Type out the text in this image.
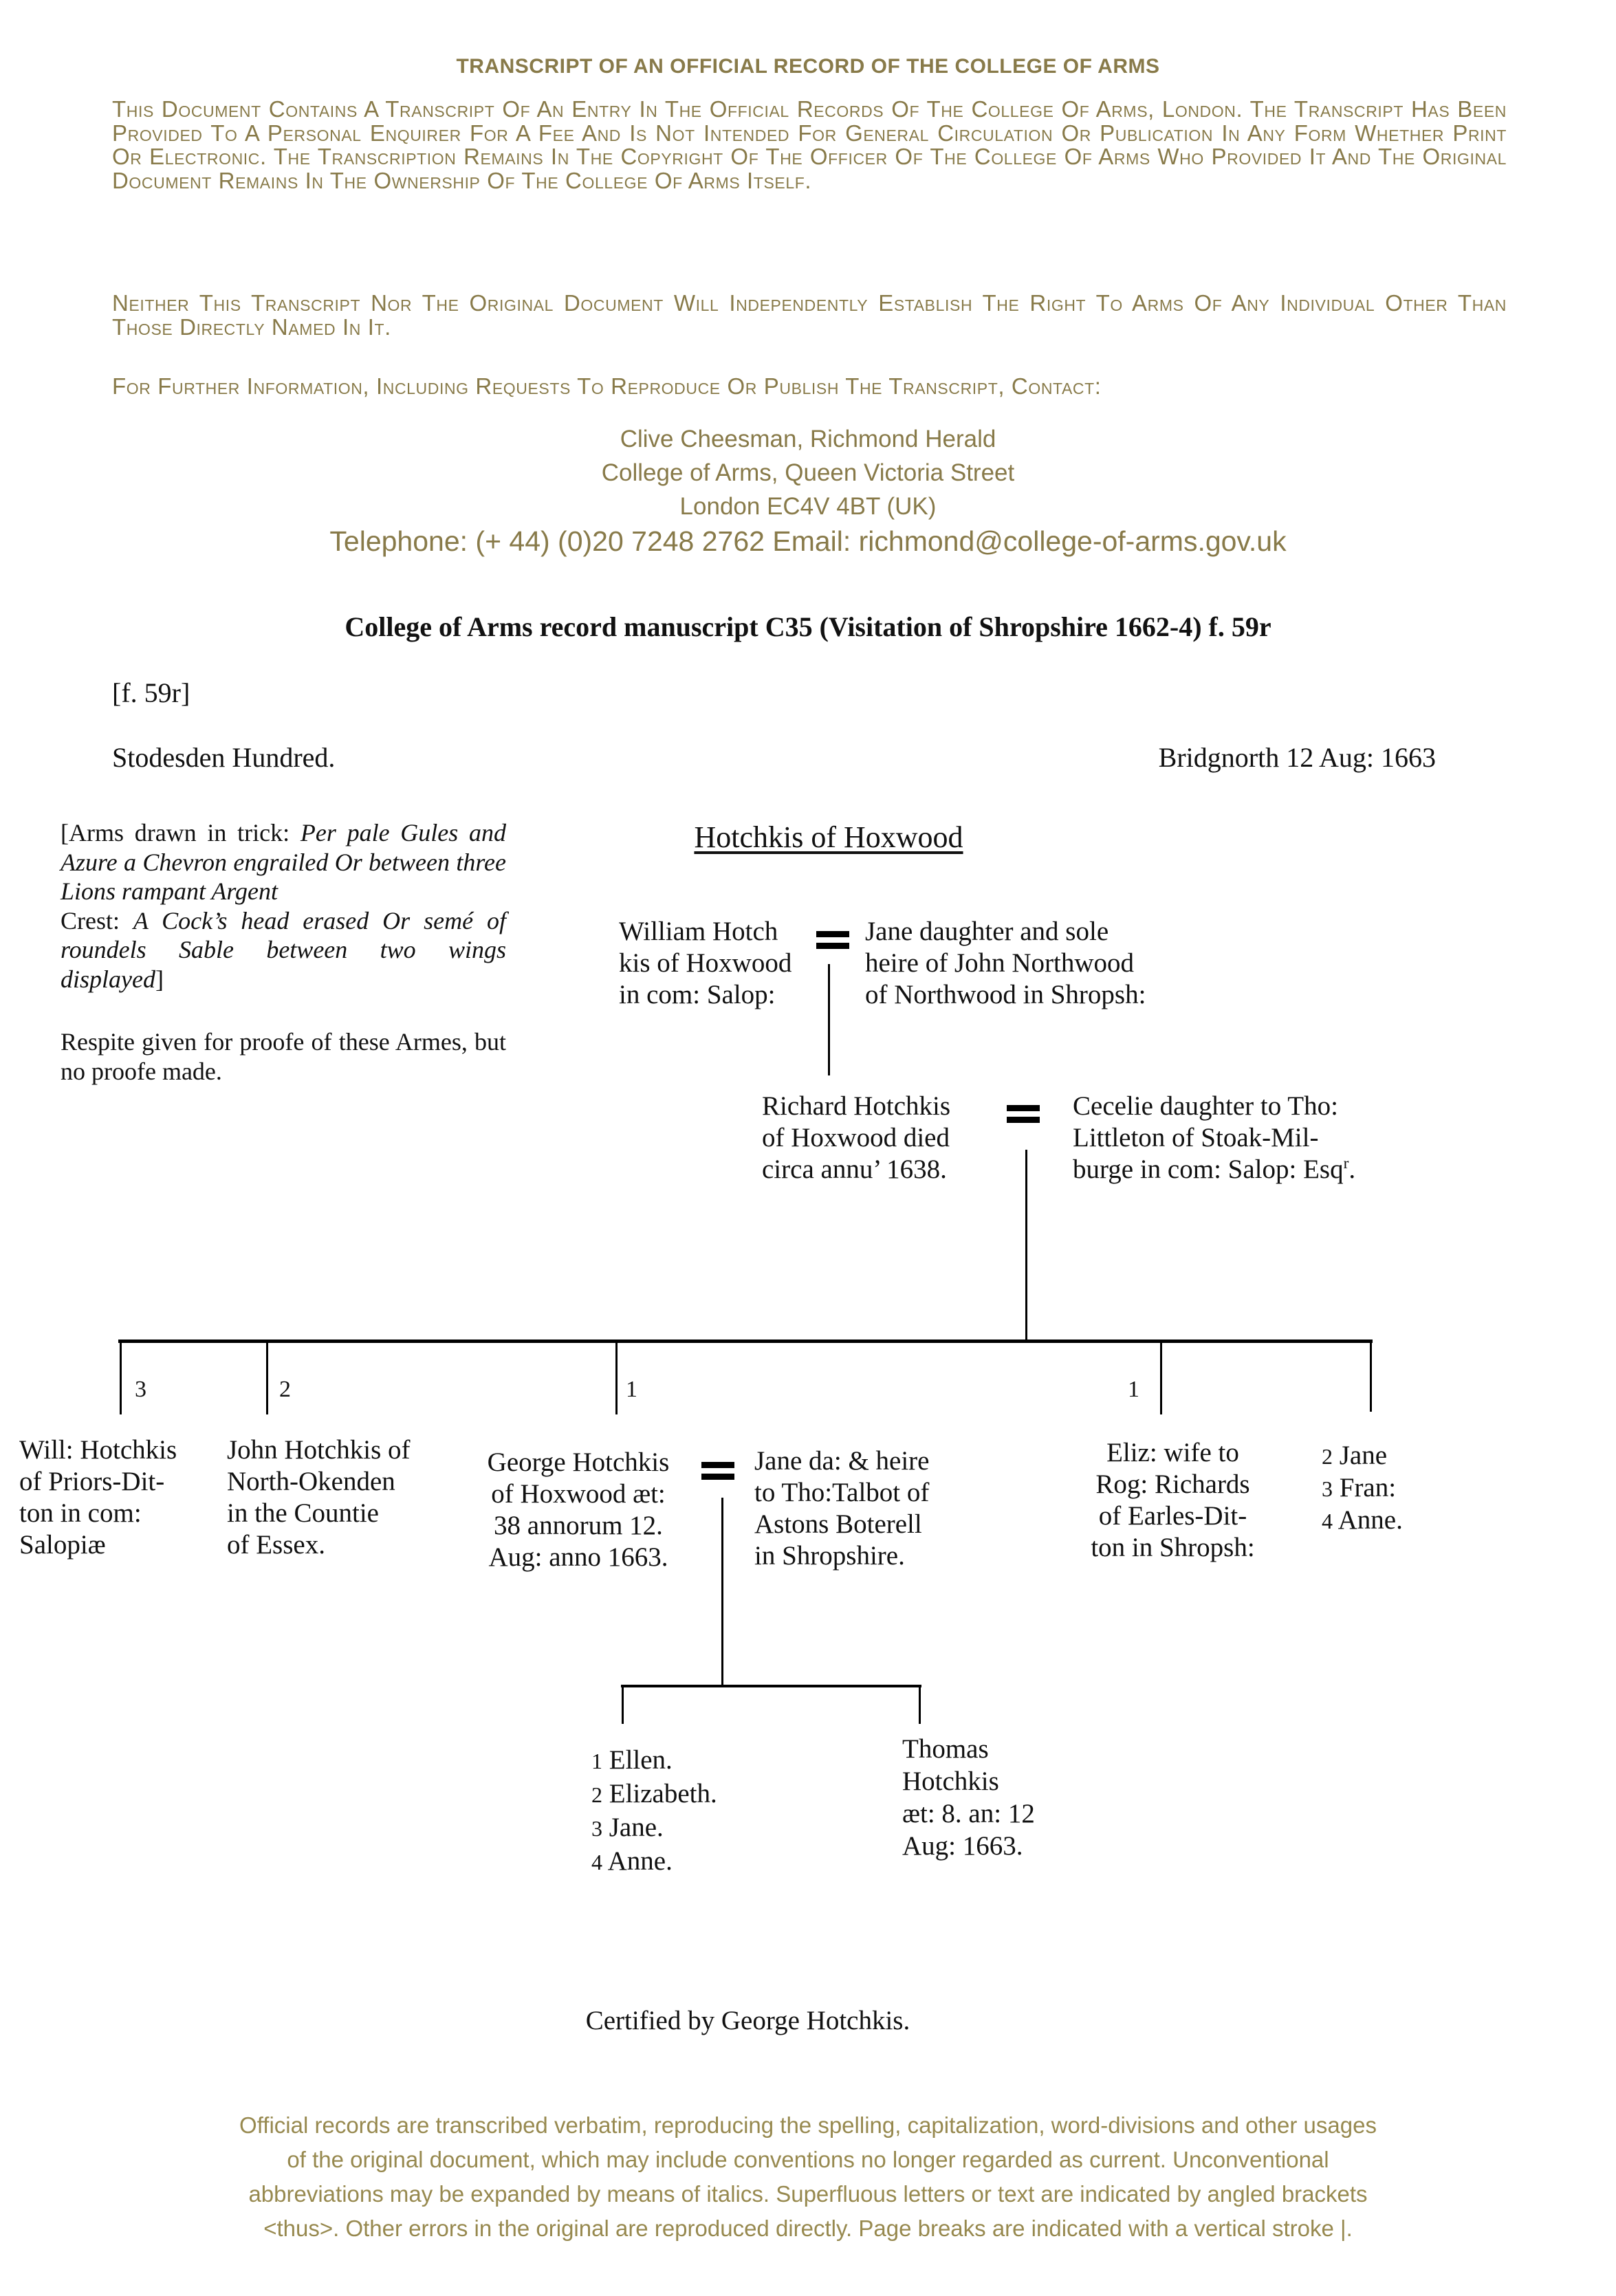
TRANSCRIPT OF AN OFFICIAL RECORD OF THE COLLEGE OF ARMS
This Document Contains A Transcript Of An Entry In The Official Records Of The College Of Arms, London. The Transcript Has Been Provided To A Personal Enquirer For A Fee And Is Not Intended For General Circulation Or Publication In Any Form Whether Print Or Electronic. The Transcription Remains In The Copyright Of The Officer Of The College Of Arms Who Provided It And The Original Document Remains In The Ownership Of The College Of Arms Itself.
Neither This Transcript Nor The Original Document Will Independently Establish The Right To Arms Of Any Individual Other Than Those Directly Named In It.
For Further Information, Including Requests To Reproduce Or Publish The Transcript, Contact:
Clive Cheesman, Richmond Herald
College of Arms, Queen Victoria Street
London EC4V 4BT (UK)
Telephone: (+ 44) (0)20 7248 2762 Email: richmond@college-of-arms.gov.uk
College of Arms record manuscript C35 (Visitation of Shropshire 1662-4) f. 59r
[f. 59r]
Stodesden Hundred.	Bridgnorth 12 Aug: 1663
[Arms drawn in trick: Per pale Gules and Azure a Chevron engrailed Or between three Lions rampant Argent
Crest: A Cock’s head erased Or semé of roundels Sable between two wings displayed]
Respite given for proofe of these Armes, but no proofe made.
Hotchkis of Hoxwood
William Hotch
kis of Hoxwood
in com: Salop:
Jane daughter and sole
heire of John Northwood
of Northwood in Shropsh:
Richard Hotchkis
of Hoxwood died
circa annu’ 1638.
Cecelie daughter to Tho:
Littleton of Stoak-Mil-
burge in com: Salop: Esq$^r$.
3	2	1	1
Will: Hotchkis
of Priors-Dit-
ton in com:
Salopiæ
John Hotchkis of
North-Okenden
in the Countie
of Essex.
George Hotchkis
of Hoxwood æt:
38 annorum 12.
Aug: anno 1663.
Jane da: & heire
to Tho:Talbot of
Astons Boterell
in Shropshire.
Eliz: wife to
Rog: Richards
of Earles-Dit-
ton in Shropsh:
2 Jane
3 Fran:
4 Anne.
1 Ellen.
2 Elizabeth.
3 Jane.
4 Anne.
Thomas
Hotchkis
æt: 8. an: 12
Aug: 1663.
Certified by George Hotchkis.
Official records are transcribed verbatim, reproducing the spelling, capitalization, word-divisions and other usages
of the original document, which may include conventions no longer regarded as current. Unconventional
abbreviations may be expanded by means of italics. Superfluous letters or text are indicated by angled brackets
<thus>. Other errors in the original are reproduced directly. Page breaks are indicated with a vertical stroke |.
